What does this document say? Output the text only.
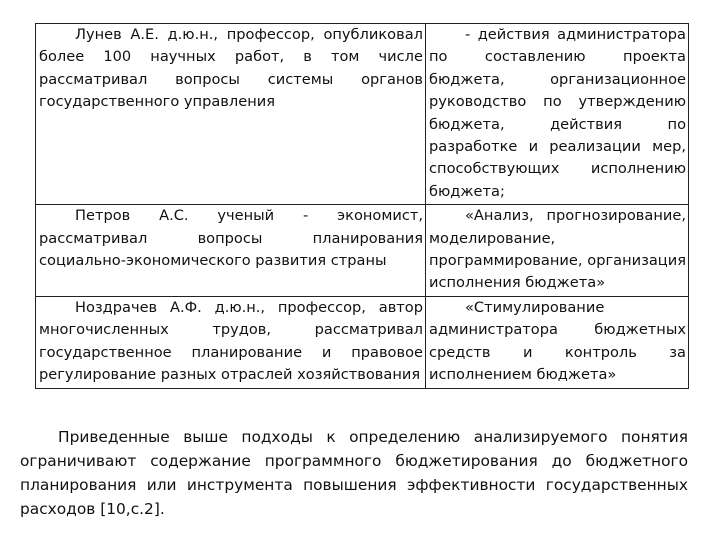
Лунев А.Е. д.ю.н., профессор, опубликовал более 100 научных работ, в том числе рассматривал вопросы системы органов государственного управления	- действия администратора по составлению проекта бюджета, организационное руководство по утверждению бюджета, действия по разработке и реализации мер, способствующих исполнению бюджета;

Петров А.С. ученый - экономист, рассматривал вопросы планирования социально-экономического развития страны	«Анализ, прогнозирование, моделирование, программирование, организация исполнения бюджета»

Ноздрачев А.Ф. д.ю.н., профессор, автор многочисленных трудов, рассматривал государственное планирование и правовое регулирование разных отраслей хозяйствования	«Стимулирование администратора бюджетных средств и контроль за исполнением бюджета»

Приведенные выше подходы к определению анализируемого понятия ограничивают содержание программного бюджетирования до бюджетного планирования или инструмента повышения эффективности государственных расходов [10,с.2].
